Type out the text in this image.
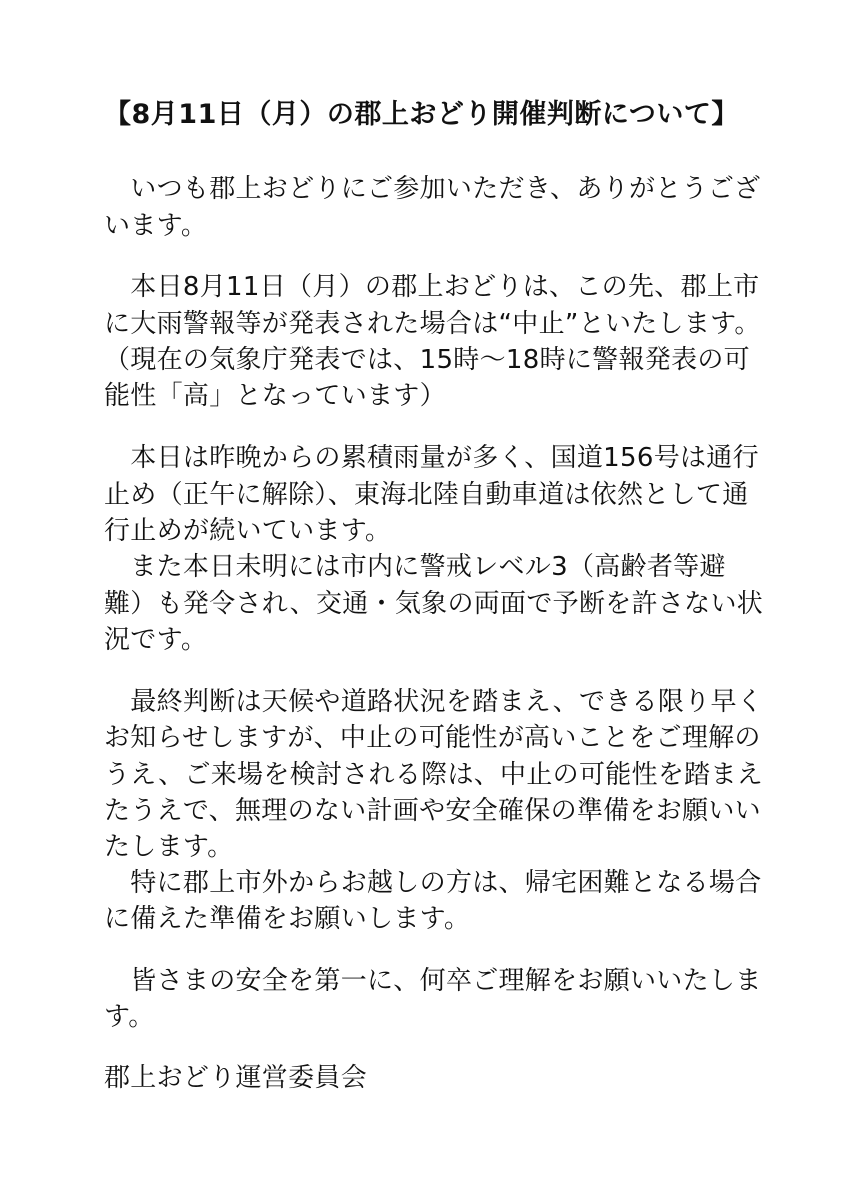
【8月11日（月）の郡上おどり開催判断について】
　いつも郡上おどりにご参加いただき、ありがとうござ
います。
　本日8月11日（月）の郡上おどりは、この先、郡上市
に大雨警報等が発表された場合は“中止”といたします。
（現在の気象庁発表では、15時〜18時に警報発表の可
能性「高」となっています）
　本日は昨晩からの累積雨量が多く、国道156号は通行
止め（正午に解除）、東海北陸自動車道は依然として通
行止めが続いています。
　また本日未明には市内に警戒レベル3（高齢者等避
難）も発令され、交通・気象の両面で予断を許さない状
況です。
　最終判断は天候や道路状況を踏まえ、できる限り早く
お知らせしますが、中止の可能性が高いことをご理解の
うえ、ご来場を検討される際は、中止の可能性を踏まえ
たうえで、無理のない計画や安全確保の準備をお願いい
たします。
　特に郡上市外からお越しの方は、帰宅困難となる場合
に備えた準備をお願いします。
　皆さまの安全を第一に、何卒ご理解をお願いいたしま
す。
郡上おどり運営委員会
